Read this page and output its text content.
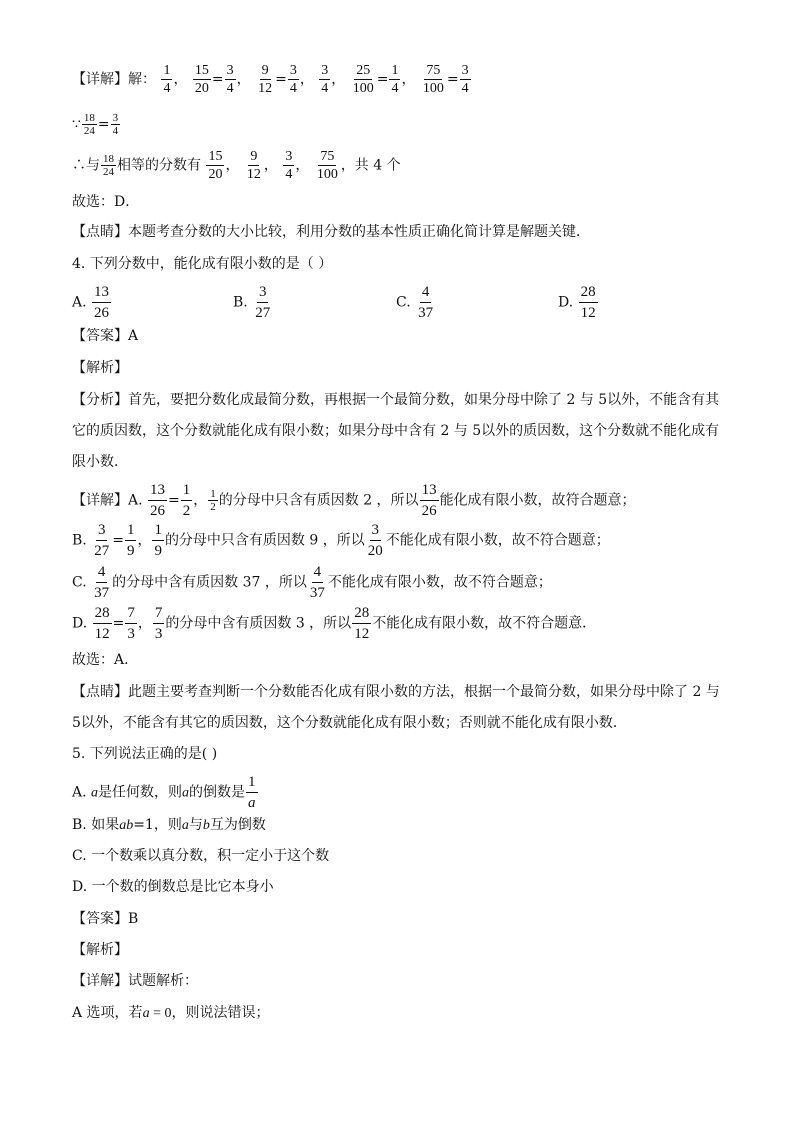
【详解】解： $\frac{1}{4}$ ， $\frac{15}{20} = \frac{3}{4}$ ， $\frac{9}{12} = \frac{3}{4}$ ， $\frac{3}{4}$ ， $\frac{25}{100} = \frac{1}{4}$ ， $\frac{75}{100} = \frac{3}{4}$
∵ $\frac{18}{24} = \frac{3}{4}$
∴与 $\frac{18}{24}$ 相等的分数有 $\frac{15}{20}$ ， $\frac{9}{12}$ ， $\frac{3}{4}$ ， $\frac{75}{100}$ ，共 4 个
故选：D．
【点睛】本题考查分数的大小比较，利用分数的基本性质正确化简计算是解题关键．
4. 下列分数中，能化成有限小数的是（ ）
A. $\frac{13}{26}$	B. $\frac{3}{27}$	C. $\frac{4}{37}$	D. $\frac{28}{12}$
【答案】A
【解析】
【分析】首先，要把分数化成最简分数，再根据一个最简分数，如果分母中除了 2 与 5以外，不能含有其
它的质因数，这个分数就能化成有限小数；如果分母中含有 2 与 5以外的质因数，这个分数就不能化成有
限小数．
【详解】A. $\frac{13}{26} = \frac{1}{2}$ ， $\frac{1}{2}$ 的分母中只含有质因数 2 ，所以 $\frac{13}{26}$ 能化成有限小数，故符合题意；
B. $\frac{3}{27} = \frac{1}{9}$ ， $\frac{1}{9}$ 的分母中只含有质因数 9 ，所以 $\frac{3}{20}$ 不能化成有限小数，故不符合题意；
C. $\frac{4}{37}$ 的分母中含有质因数 37 ，所以 $\frac{4}{37}$ 不能化成有限小数，故不符合题意；
D. $\frac{28}{12} = \frac{7}{3}$ ， $\frac{7}{3}$ 的分母中含有质因数 3 ，所以 $\frac{28}{12}$ 不能化成有限小数，故不符合题意．
故选：A．
【点睛】此题主要考查判断一个分数能否化成有限小数的方法，根据一个最简分数，如果分母中除了 2 与
5以外，不能含有其它的质因数，这个分数就能化成有限小数；否则就不能化成有限小数．
5. 下列说法正确的是( )
A. a是任何数，则a的倒数是 $\frac{1}{a}$
B. 如果ab=1，则a与b互为倒数
C. 一个数乘以真分数，积一定小于这个数
D. 一个数的倒数总是比它本身小
【答案】B
【解析】
【详解】试题解析：
A 选项，若a = 0，则说法错误；
